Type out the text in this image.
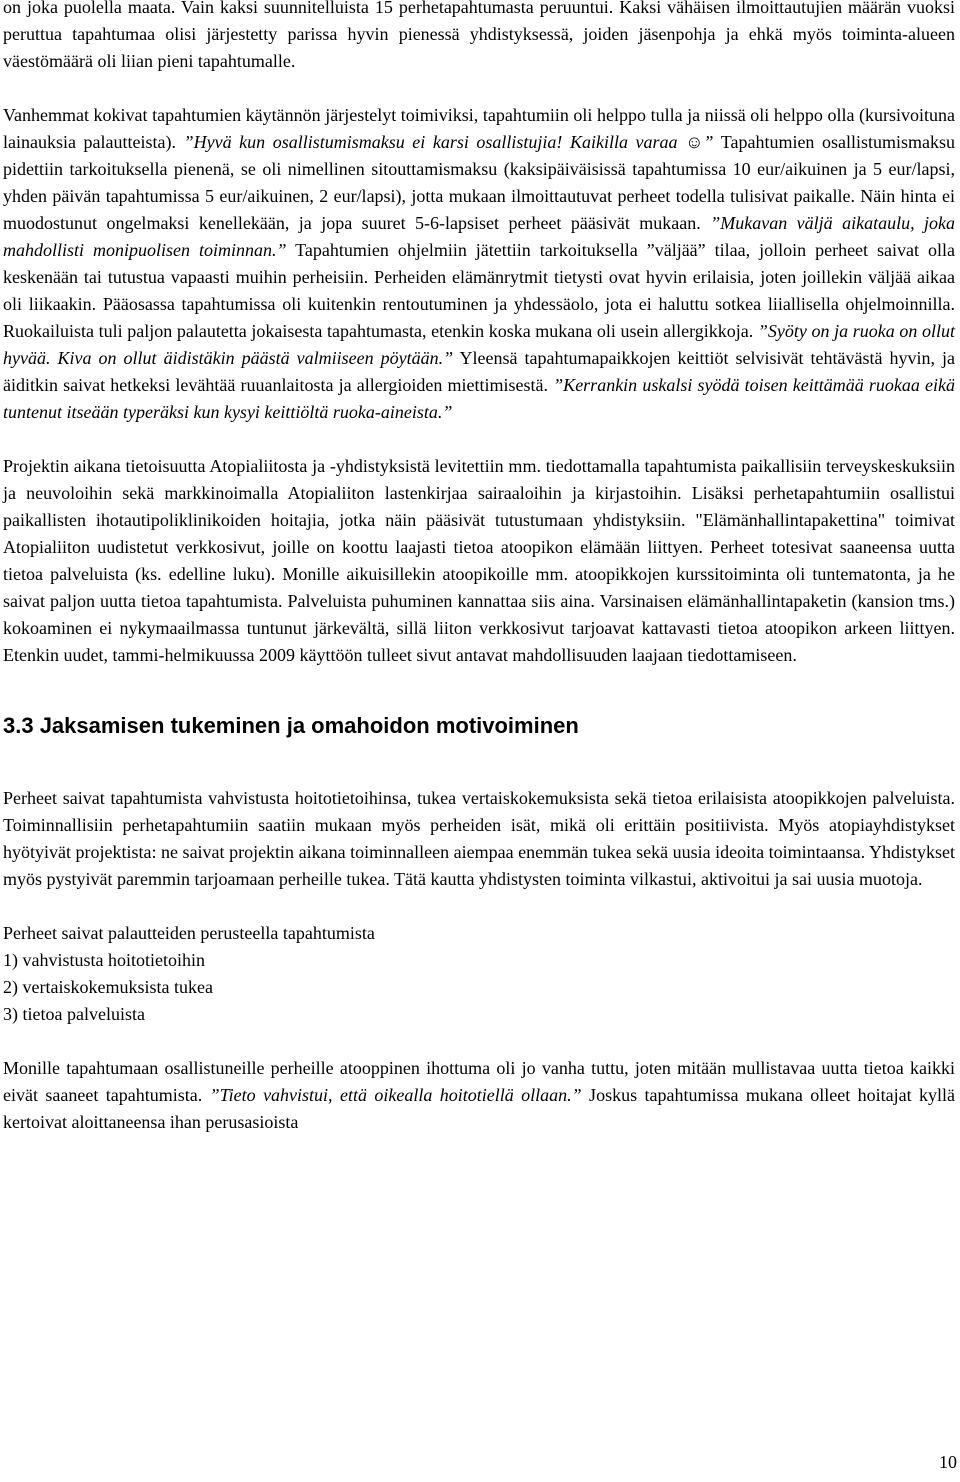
on joka puolella maata. Vain kaksi suunnitelluista 15 perhetapahtumasta peruuntui. Kaksi vähäisen ilmoittautujien määrän vuoksi peruttua tapahtumaa olisi järjestetty parissa hyvin pienessä yhdistyksessä, joiden jäsenpohja ja ehkä myös toiminta-alueen väestömäärä oli liian pieni tapahtumalle.

Vanhemmat kokivat tapahtumien käytännön järjestelyt toimiviksi, tapahtumiin oli helppo tulla ja niissä oli helppo olla (kursivoituna lainauksia palautteista). ”Hyvä kun osallistumismaksu ei karsi osallistujia! Kaikilla varaa ☺” Tapahtumien osallistumismaksu pidettiin tarkoituksella pienenä, se oli nimellinen sitouttamismaksu (kaksipäiväisissä tapahtumissa 10 eur/aikuinen ja 5 eur/lapsi, yhden päivän tapahtumissa 5 eur/aikuinen, 2 eur/lapsi), jotta mukaan ilmoittautuvat perheet todella tulisivat paikalle. Näin hinta ei muodostunut ongelmaksi kenellekään, ja jopa suuret 5-6-lapsiset perheet pääsivät mukaan. ”Mukavan väljä aikataulu, joka mahdollisti monipuolisen toiminnan.” Tapahtumien ohjelmiin jätettiin tarkoituksella ”väljää” tilaa, jolloin perheet saivat olla keskenään tai tutustua vapaasti muihin perheisiin. Perheiden elämänrytmit tietysti ovat hyvin erilaisia, joten joillekin väljää aikaa oli liikaakin. Pääosassa tapahtumissa oli kuitenkin rentoutuminen ja yhdessäolo, jota ei haluttu sotkea liiallisella ohjelmoinnilla. Ruokailuista tuli paljon palautetta jokaisesta tapahtumasta, etenkin koska mukana oli usein allergikkoja. ”Syöty on ja ruoka on ollut hyvää. Kiva on ollut äidistäkin päästä valmiiseen pöytään.” Yleensä tapahtumapaikkojen keittiöt selvisivät tehtävästä hyvin, ja äiditkin saivat hetkeksi levähtää ruuanlaitosta ja allergioiden miettimisestä. ”Kerrankin uskalsi syödä toisen keittämää ruokaa eikä tuntenut itseään typeräksi kun kysyi keittiöltä ruoka-aineista.”

Projektin aikana tietoisuutta Atopialiitosta ja -yhdistyksistä levitettiin mm. tiedottamalla tapahtumista paikallisiin terveyskeskuksiin ja neuvoloihin sekä markkinoimalla Atopialiiton lastenkirjaa sairaaloihin ja kirjastoihin. Lisäksi perhetapahtumiin osallistui paikallisten ihotautipoliklinikoiden hoitajia, jotka näin pääsivät tutustumaan yhdistyksiin. "Elämänhallintapakettina" toimivat Atopialiiton uudistetut verkkosivut, joille on koottu laajasti tietoa atoopikon elämään liittyen. Perheet totesivat saaneensa uutta tietoa palveluista (ks. edelline luku). Monille aikuisillekin atoopikoille mm. atoopikkojen kurssitoiminta oli tuntematonta, ja he saivat paljon uutta tietoa tapahtumista. Palveluista puhuminen kannattaa siis aina. Varsinaisen elämänhallintapaketin (kansion tms.) kokoaminen ei nykymaailmassa tuntunut järkevältä, sillä liiton verkkosivut tarjoavat kattavasti tietoa atoopikon arkeen liittyen. Etenkin uudet, tammi-helmikuussa 2009 käyttöön tulleet sivut antavat mahdollisuuden laajaan tiedottamiseen.

3.3 Jaksamisen tukeminen ja omahoidon motivoiminen

Perheet saivat tapahtumista vahvistusta hoitotietoihinsa, tukea vertaiskokemuksista sekä tietoa erilaisista atoopikkojen palveluista. Toiminnallisiin perhetapahtumiin saatiin mukaan myös perheiden isät, mikä oli erittäin positiivista. Myös atopiayhdistykset hyötyivät projektista: ne saivat projektin aikana toiminnalleen aiempaa enemmän tukea sekä uusia ideoita toimintaansa. Yhdistykset myös pystyivät paremmin tarjoamaan perheille tukea. Tätä kautta yhdistysten toiminta vilkastui, aktivoitui ja sai uusia muotoja.

Perheet saivat palautteiden perusteella tapahtumista

1) vahvistusta hoitotietoihin

2) vertaiskokemuksista tukea

3) tietoa palveluista

Monille tapahtumaan osallistuneille perheille atooppinen ihottuma oli jo vanha tuttu, joten mitään mullistavaa uutta tietoa kaikki eivät saaneet tapahtumista. ”Tieto vahvistui, että oikealla hoitotiellä ollaan.” Joskus tapahtumissa mukana olleet hoitajat kyllä kertoivat aloittaneensa ihan perusasioista

10
